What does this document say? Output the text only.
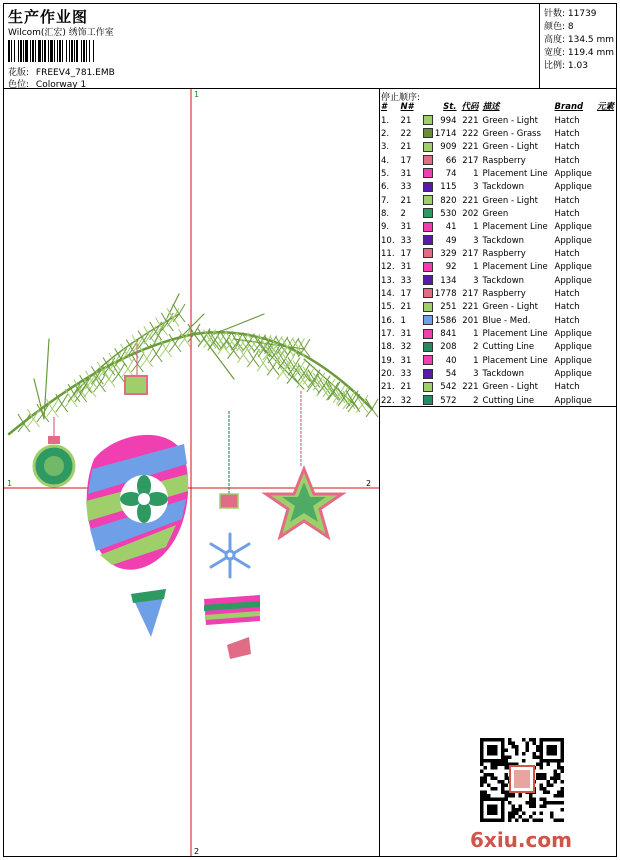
生产作业图
Wilcom(汇宏) 绣饰工作室
花版: FREEV4_781.EMB
色位: Colorway 1
针数: 11739
颜色: 8
高度: 134.5 mm
宽度: 119.4 mm
比例: 1.03
1
1	2
2
停止顺序:
#	N#		St.	代码	描述	Brand	元素
1.	21		994	221	Green - Light	Hatch	
2.	22		1714	222	Green - Grass	Hatch	
3.	21		909	221	Green - Light	Hatch	
4.	17		66	217	Raspberry	Hatch	
5.	31		74	1	Placement Line	Applique	
6.	33		115	3	Tackdown	Applique	
7.	21		820	221	Green - Light	Hatch	
8.	2		530	202	Green	Hatch	
9.	31		41	1	Placement Line	Applique	
10.	33		49	3	Tackdown	Applique	
11.	17		329	217	Raspberry	Hatch	
12.	31		92	1	Placement Line	Applique	
13.	33		134	3	Tackdown	Applique	
14.	17		1778	217	Raspberry	Hatch	
15.	21		251	221	Green - Light	Hatch	
16.	1		1586	201	Blue - Med.	Hatch	
17.	31		841	1	Placement Line	Applique	
18.	32		208	2	Cutting Line	Applique	
19.	31		40	1	Placement Line	Applique	
20.	33		54	3	Tackdown	Applique	
21.	21		542	221	Green - Light	Hatch	
22.	32		572	2	Cutting Line	Applique	
6xiu.com
